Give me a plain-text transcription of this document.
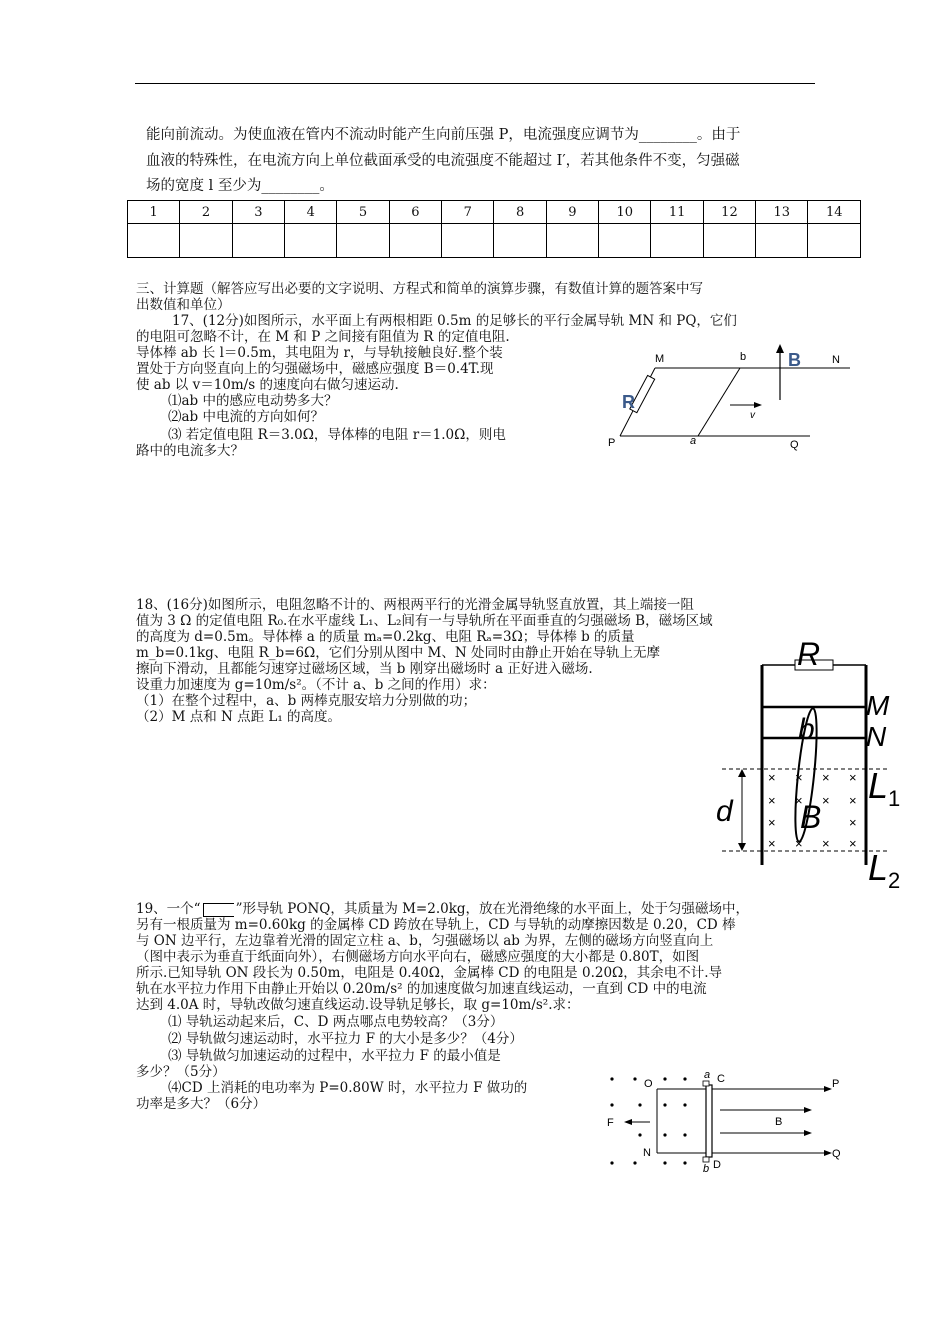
能向前流动。为使血液在管内不流动时能产生向前压强 P，电流强度应调节为________。由于
血液的特殊性，在电流方向上单位截面承受的电流强度不能超过 I′，若其他条件不变，匀强磁
场的宽度 l 至少为________。
1	2	3	4	5	6	7	8	9	10	11	12	13	14

三、计算题（解答应写出必要的文字说明、方程式和简单的演算步骤，有数值计算的题答案中写
出数值和单位）
17、(12分)如图所示，水平面上有两根相距 0.5m 的足够长的平行金属导轨 MN 和 PQ，它们
的电阻可忽略不计，在 M 和 P 之间接有阻值为 R 的定值电阻.
导体棒 ab 长 l＝0.5m，其电阻为 r，与导轨接触良好.整个装
置处于方向竖直向上的匀强磁场中，磁感应强度 B＝0.4T.现
使 ab 以 v＝10m/s 的速度向右做匀速运动.
⑴ab 中的感应电动势多大？
⑵ab 中电流的方向如何？
⑶ 若定值电阻 R＝3.0Ω，导体棒的电阻 r＝1.0Ω，则电
路中的电流多大？
M	b B	N
R
v
P	a	Q
18、(16分)如图所示，电阻忽略不计的、两根两平行的光滑金属导轨竖直放置，其上端接一阻
值为 3 Ω 的定值电阻 R₀.在水平虚线 L₁、L₂间有一与导轨所在平面垂直的匀强磁场 B，磁场区域
的高度为 d=0.5m。导体棒 a 的质量 mₐ=0.2kg、电阻 Rₐ=3Ω；导体棒 b 的质量
m_b=0.1kg、电阻 R_b=6Ω，它们分别从图中 M、N 处同时由静止开始在导轨上无摩
擦向下滑动，且都能匀速穿过磁场区域，当 b 刚穿出磁场时 a 正好进入磁场.
设重力加速度为 g=10m/s²。（不计 a、b 之间的作用）求：
（1）在整个过程中，a、b 两棒克服安培力分别做的功；
（2）M 点和 N 点距 L₁ 的高度。
× × × ×
× × × ×
×	×
× × × ×
R
M
N
b
$L_1$
$L_2$
d B
19、一个“	”形导轨 PONQ，其质量为 M=2.0kg，放在光滑绝缘的水平面上，处于匀强磁场中，
另有一根质量为 m=0.60kg 的金属棒 CD 跨放在导轨上，CD 与导轨的动摩擦因数是 0.20，CD 棒
与 ON 边平行，左边靠着光滑的固定立柱 a、b，匀强磁场以 ab 为界，左侧的磁场方向竖直向上
（图中表示为垂直于纸面向外），右侧磁场方向水平向右，磁感应强度的大小都是 0.80T，如图
所示.已知导轨 ON 段长为 0.50m，电阻是 0.40Ω，金属棒 CD 的电阻是 0.20Ω，其余电不计.导
轨在水平拉力作用下由静止开始以 0.20m/s² 的加速度做匀加速直线运动，一直到 CD 中的电流
达到 4.0A 时，导轨改做匀速直线运动.设导轨足够长，取 g=10m/s².求：
⑴ 导轨运动起来后，C、D 两点哪点电势较高？（3分）
⑵ 导轨做匀速运动时，水平拉力 F 的大小是多少？（4分）
⑶ 导轨做匀加速运动的过程中，水平拉力 F 的最小值是
多少？（5分）
⑷CD 上消耗的电功率为 P=0.80W 时，水平拉力 F 做功的
功率是多大？（6分）
O
a C	P
F	B
N
b D
Q
